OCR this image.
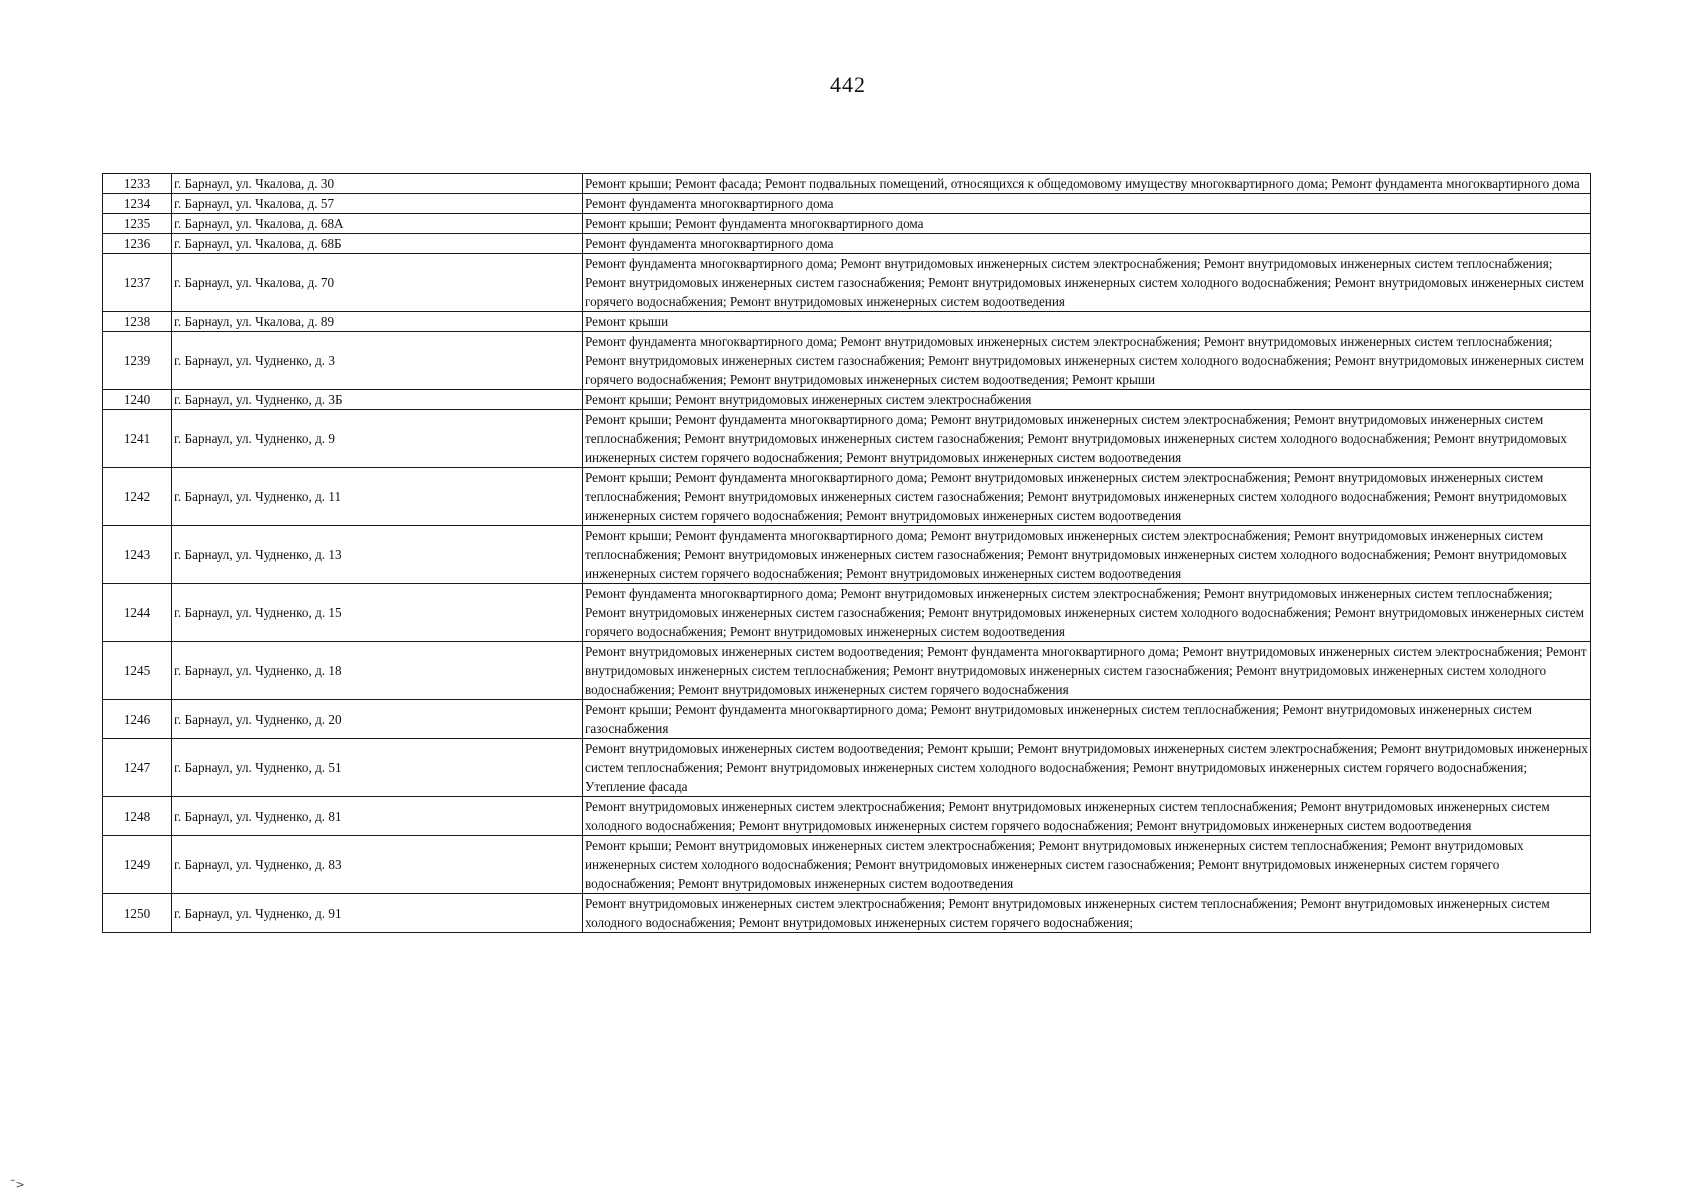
442
1233	г. Барнаул, ул. Чкалова, д. 30	Ремонт крыши; Ремонт фасада; Ремонт подвальных помещений, относящихся к общедомовому имуществу многоквартирного дома; Ремонт фундамента многоквартирного дома
1234	г. Барнаул, ул. Чкалова, д. 57	Ремонт фундамента многоквартирного дома
1235	г. Барнаул, ул. Чкалова, д. 68А	Ремонт крыши; Ремонт фундамента многоквартирного дома
1236	г. Барнаул, ул. Чкалова, д. 68Б	Ремонт фундамента многоквартирного дома
1237	г. Барнаул, ул. Чкалова, д. 70	Ремонт фундамента многоквартирного дома; Ремонт внутридомовых инженерных систем электроснабжения; Ремонт внутридомовых инженерных систем теплоснабжения; Ремонт внутридомовых инженерных систем газоснабжения; Ремонт внутридомовых инженерных систем холодного водоснабжения; Ремонт внутридомовых инженерных систем горячего водоснабжения; Ремонт внутридомовых инженерных систем водоотведения
1238	г. Барнаул, ул. Чкалова, д. 89	Ремонт крыши
1239	г. Барнаул, ул. Чудненко, д. 3	Ремонт фундамента многоквартирного дома; Ремонт внутридомовых инженерных систем электроснабжения; Ремонт внутридомовых инженерных систем теплоснабжения; Ремонт внутридомовых инженерных систем газоснабжения; Ремонт внутридомовых инженерных систем холодного водоснабжения; Ремонт внутридомовых инженерных систем горячего водоснабжения; Ремонт внутридомовых инженерных систем водоотведения; Ремонт крыши
1240	г. Барнаул, ул. Чудненко, д. 3Б	Ремонт крыши; Ремонт внутридомовых инженерных систем электроснабжения
1241	г. Барнаул, ул. Чудненко, д. 9	Ремонт крыши; Ремонт фундамента многоквартирного дома; Ремонт внутридомовых инженерных систем электроснабжения; Ремонт внутридомовых инженерных систем теплоснабжения; Ремонт внутридомовых инженерных систем газоснабжения; Ремонт внутридомовых инженерных систем холодного водоснабжения; Ремонт внутридомовых инженерных систем горячего водоснабжения; Ремонт внутридомовых инженерных систем водоотведения
1242	г. Барнаул, ул. Чудненко, д. 11	Ремонт крыши; Ремонт фундамента многоквартирного дома; Ремонт внутридомовых инженерных систем электроснабжения; Ремонт внутридомовых инженерных систем теплоснабжения; Ремонт внутридомовых инженерных систем газоснабжения; Ремонт внутридомовых инженерных систем холодного водоснабжения; Ремонт внутридомовых инженерных систем горячего водоснабжения; Ремонт внутридомовых инженерных систем водоотведения
1243	г. Барнаул, ул. Чудненко, д. 13	Ремонт крыши; Ремонт фундамента многоквартирного дома; Ремонт внутридомовых инженерных систем электроснабжения; Ремонт внутридомовых инженерных систем теплоснабжения; Ремонт внутридомовых инженерных систем газоснабжения; Ремонт внутридомовых инженерных систем холодного водоснабжения; Ремонт внутридомовых инженерных систем горячего водоснабжения; Ремонт внутридомовых инженерных систем водоотведения
1244	г. Барнаул, ул. Чудненко, д. 15	Ремонт фундамента многоквартирного дома; Ремонт внутридомовых инженерных систем электроснабжения; Ремонт внутридомовых инженерных систем теплоснабжения; Ремонт внутридомовых инженерных систем газоснабжения; Ремонт внутридомовых инженерных систем холодного водоснабжения; Ремонт внутридомовых инженерных систем горячего водоснабжения; Ремонт внутридомовых инженерных систем водоотведения
1245	г. Барнаул, ул. Чудненко, д. 18	Ремонт внутридомовых инженерных систем водоотведения; Ремонт фундамента многоквартирного дома; Ремонт внутридомовых инженерных систем электроснабжения; Ремонт внутридомовых инженерных систем теплоснабжения; Ремонт внутридомовых инженерных систем газоснабжения; Ремонт внутридомовых инженерных систем холодного водоснабжения; Ремонт внутридомовых инженерных систем горячего водоснабжения
1246	г. Барнаул, ул. Чудненко, д. 20	Ремонт крыши; Ремонт фундамента многоквартирного дома; Ремонт внутридомовых инженерных систем теплоснабжения; Ремонт внутридомовых инженерных систем газоснабжения
1247	г. Барнаул, ул. Чудненко, д. 51	Ремонт внутридомовых инженерных систем водоотведения; Ремонт крыши; Ремонт внутридомовых инженерных систем электроснабжения; Ремонт внутридомовых инженерных систем теплоснабжения; Ремонт внутридомовых инженерных систем холодного водоснабжения; Ремонт внутридомовых инженерных систем горячего водоснабжения; Утепление фасада
1248	г. Барнаул, ул. Чудненко, д. 81	Ремонт внутридомовых инженерных систем электроснабжения; Ремонт внутридомовых инженерных систем теплоснабжения; Ремонт внутридомовых инженерных систем холодного водоснабжения; Ремонт внутридомовых инженерных систем горячего водоснабжения; Ремонт внутридомовых инженерных систем водоотведения
1249	г. Барнаул, ул. Чудненко, д. 83	Ремонт крыши; Ремонт внутридомовых инженерных систем электроснабжения; Ремонт внутридомовых инженерных систем теплоснабжения; Ремонт внутридомовых инженерных систем холодного водоснабжения; Ремонт внутридомовых инженерных систем газоснабжения; Ремонт внутридомовых инженерных систем горячего водоснабжения; Ремонт внутридомовых инженерных систем водоотведения
1250	г. Барнаул, ул. Чудненко, д. 91	Ремонт внутридомовых инженерных систем электроснабжения; Ремонт внутридомовых инженерных систем теплоснабжения; Ремонт внутридомовых инженерных систем холодного водоснабжения; Ремонт внутридомовых инженерных систем горячего водоснабжения;
˜>
